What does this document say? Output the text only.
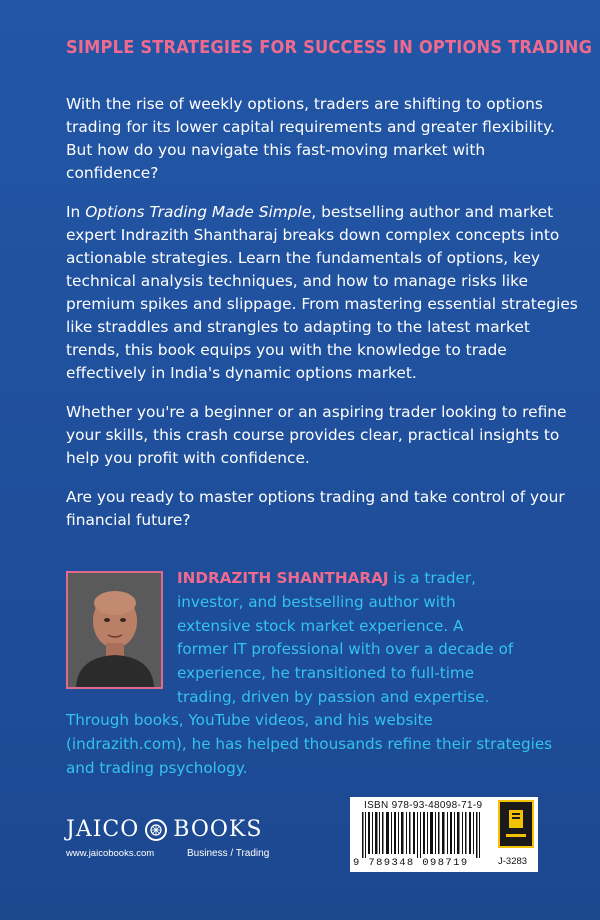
SIMPLE STRATEGIES FOR SUCCESS IN OPTIONS TRADING

With the rise of weekly options, traders are shifting to options trading for its lower capital requirements and greater flexibility. But how do you navigate this fast-moving market with confidence?

In Options Trading Made Simple, bestselling author and market expert Indrazith Shantharaj breaks down complex concepts into actionable strategies. Learn the fundamentals of options, key technical analysis techniques, and how to manage risks like premium spikes and slippage. From mastering essential strategies like straddles and strangles to adapting to the latest market trends, this book equips you with the knowledge to trade effectively in India's dynamic options market.

Whether you're a beginner or an aspiring trader looking to refine your skills, this crash course provides clear, practical insights to help you profit with confidence.

Are you ready to master options trading and take control of your financial future?

INDRAZITH SHANTHARAJ is a trader, investor, and bestselling author with extensive stock market experience. A former IT professional with over a decade of experience, he transitioned to full-time trading, driven by passion and expertise.
Through books, YouTube videos, and his website (indrazith.com), he has helped thousands refine their strategies and trading psychology.
JAICO BOOKS
www.jaicobooks.com	Business / Trading
ISBN 978-93-48098-71-9
9 789348 098719	J-3283
